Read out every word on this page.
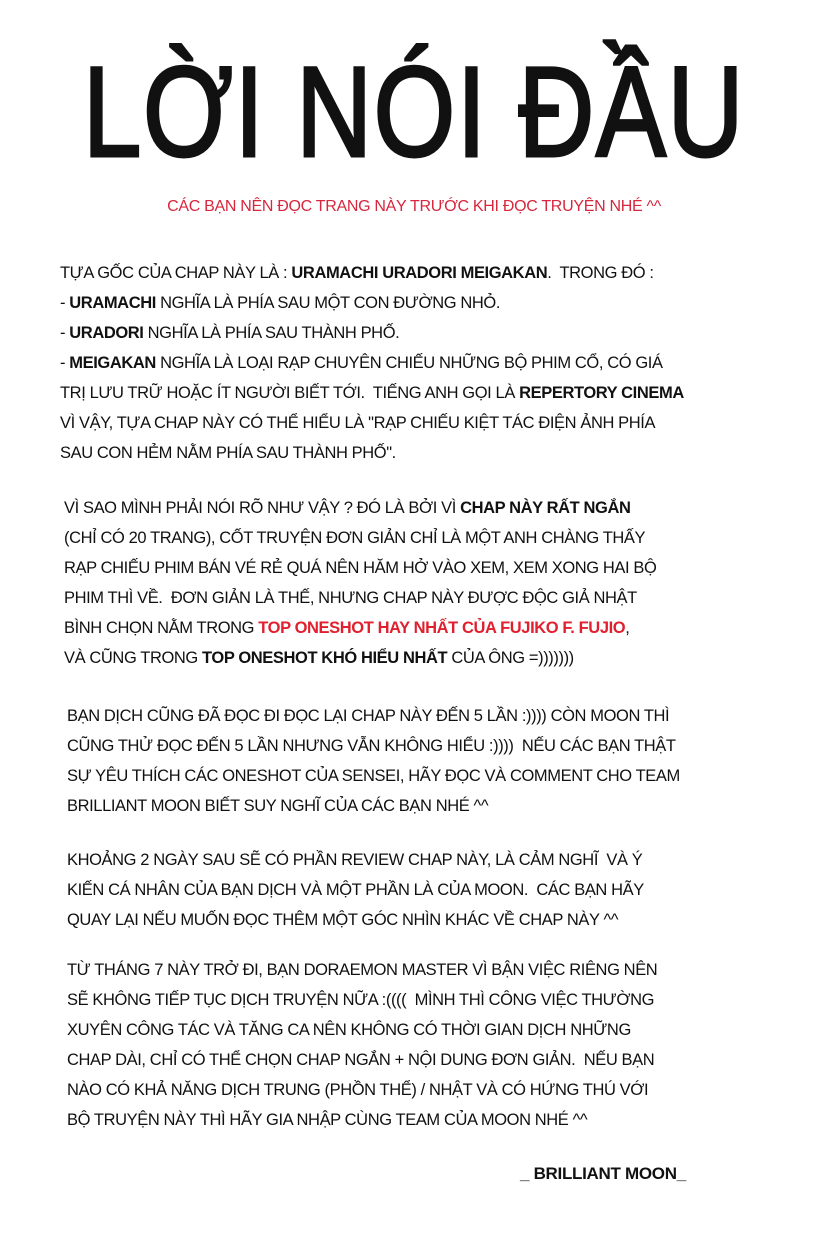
LỜI NÓI ĐẦU
CÁC BẠN NÊN ĐỌC TRANG NÀY TRƯỚC KHI ĐỌC TRUYỆN NHÉ ^^
TỰA GỐC CỦA CHAP NÀY LÀ : URAMACHI URADORI MEIGAKAN.  TRONG ĐÓ :
- URAMACHI NGHĨA LÀ PHÍA SAU MỘT CON ĐƯỜNG NHỎ.
- URADORI NGHĨA LÀ PHÍA SAU THÀNH PHỐ.
- MEIGAKAN NGHĨA LÀ LOẠI RẠP CHUYÊN CHIẾU NHỮNG BỘ PHIM CỔ, CÓ GIÁ
TRỊ LƯU TRỮ HOẶC ÍT NGƯỜI BIẾT TỚI.  TIẾNG ANH GỌI LÀ REPERTORY CINEMA
VÌ VẬY, TỰA CHAP NÀY CÓ THỂ HIỂU LÀ "RẠP CHIẾU KIỆT TÁC ĐIỆN ẢNH PHÍA
SAU CON HẺM NẰM PHÍA SAU THÀNH PHỐ".
VÌ SAO MÌNH PHẢI NÓI RÕ NHƯ VẬY ? ĐÓ LÀ BỞI VÌ CHAP NÀY RẤT NGẮN
(CHỈ CÓ 20 TRANG), CỐT TRUYỆN ĐƠN GIẢN CHỈ LÀ MỘT ANH CHÀNG THẤY
RẠP CHIẾU PHIM BÁN VÉ RẺ QUÁ NÊN HĂM HỞ VÀO XEM, XEM XONG HAI BỘ
PHIM THÌ VỀ.  ĐƠN GIẢN LÀ THẾ, NHƯNG CHAP NÀY ĐƯỢC ĐỘC GIẢ NHẬT
BÌNH CHỌN NẰM TRONG TOP ONESHOT HAY NHẤT CỦA FUJIKO F. FUJIO,
VÀ CŨNG TRONG TOP ONESHOT KHÓ HIỂU NHẤT CỦA ÔNG =)))))))
BẠN DỊCH CŨNG ĐÃ ĐỌC ĐI ĐỌC LẠI CHAP NÀY ĐẾN 5 LẦN :)))) CÒN MOON THÌ
CŨNG THỬ ĐỌC ĐẾN 5 LẦN NHƯNG VẪN KHÔNG HIỂU :))))  NẾU CÁC BẠN THẬT
SỰ YÊU THÍCH CÁC ONESHOT CỦA SENSEI, HÃY ĐỌC VÀ COMMENT CHO TEAM
BRILLIANT MOON BIẾT SUY NGHĨ CỦA CÁC BẠN NHÉ ^^
KHOẢNG 2 NGÀY SAU SẼ CÓ PHẦN REVIEW CHAP NÀY, LÀ CẢM NGHĨ  VÀ Ý
KIẾN CÁ NHÂN CỦA BẠN DỊCH VÀ MỘT PHẦN LÀ CỦA MOON.  CÁC BẠN HÃY
QUAY LẠI NẾU MUỐN ĐỌC THÊM MỘT GÓC NHÌN KHÁC VỀ CHAP NÀY ^^
TỪ THÁNG 7 NÀY TRỞ ĐI, BẠN DORAEMON MASTER VÌ BẬN VIỆC RIÊNG NÊN
SẼ KHÔNG TIẾP TỤC DỊCH TRUYỆN NỮA :((((  MÌNH THÌ CÔNG VIỆC THƯỜNG
XUYÊN CÔNG TÁC VÀ TĂNG CA NÊN KHÔNG CÓ THỜI GIAN DỊCH NHỮNG
CHAP DÀI, CHỈ CÓ THỂ CHỌN CHAP NGẮN + NỘI DUNG ĐƠN GIẢN.  NẾU BẠN
NÀO CÓ KHẢ NĂNG DỊCH TRUNG (PHỒN THỂ) / NHẬT VÀ CÓ HỨNG THÚ VỚI
BỘ TRUYỆN NÀY THÌ HÃY GIA NHẬP CÙNG TEAM CỦA MOON NHÉ ^^
_ BRILLIANT MOON_
